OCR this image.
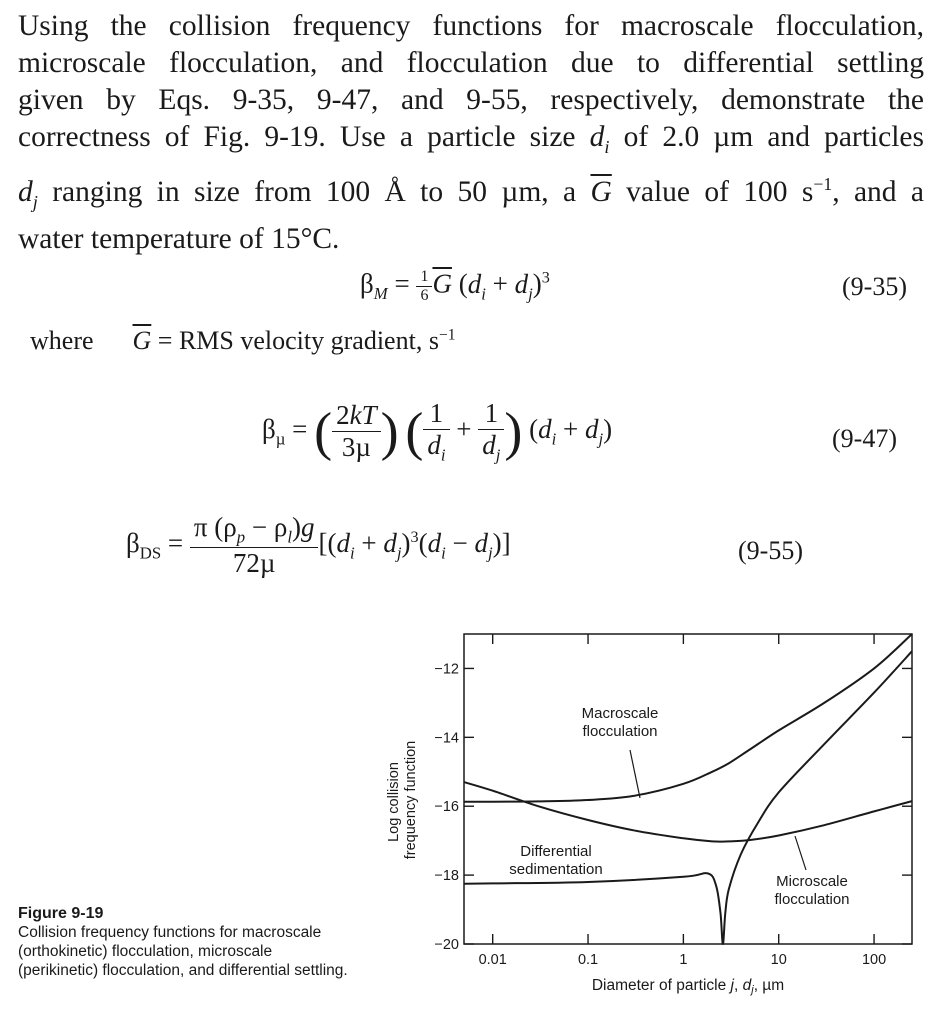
Using the collision frequency functions for macroscale flocculation,
microscale flocculation, and flocculation due to differential settling
given by Eqs. 9-35, 9-47, and 9-55, respectively, demonstrate the
correctness of Fig. 9-19. Use a particle size $d_i$ of 2.0 µm and particles
$d_j$ ranging in size from 100 Å to 50 µm, a $\overline{G}$ value of 100 $s^{-1}$, and a
water temperature of 15°C.
$\beta_M = \frac{1}{6} \overline{G}$ $(d_i + d_j)^3$	(9-35)
where $\overline{G}$ = RMS velocity gradient, $s^{-1}$
$\beta_\mu$ = ( $\frac{2kT}{\text{3µ}}$ ) ( $\frac{1}{d_i} + \frac{1}{d_j}$ ) $(d_i + d_j)$	(9-47)
$\beta_{DS} = \frac{\pi (\rho_p - \rho_l)g}{\text{72µ}} [(d_i + d_j)^3(d_i - d_j)]$	(9-55)
Figure 9-19
Collision frequency functions for macroscale (orthokinetic) flocculation, microscale (perikinetic) flocculation, and differential settling.
0.01	0.1	1	10	100
−12
−14
−16
−18
−20
Macroscale flocculation
Differential sedimentation
Microscale flocculation
Log collision frequency function
Diameter of particle j, dj, µm
